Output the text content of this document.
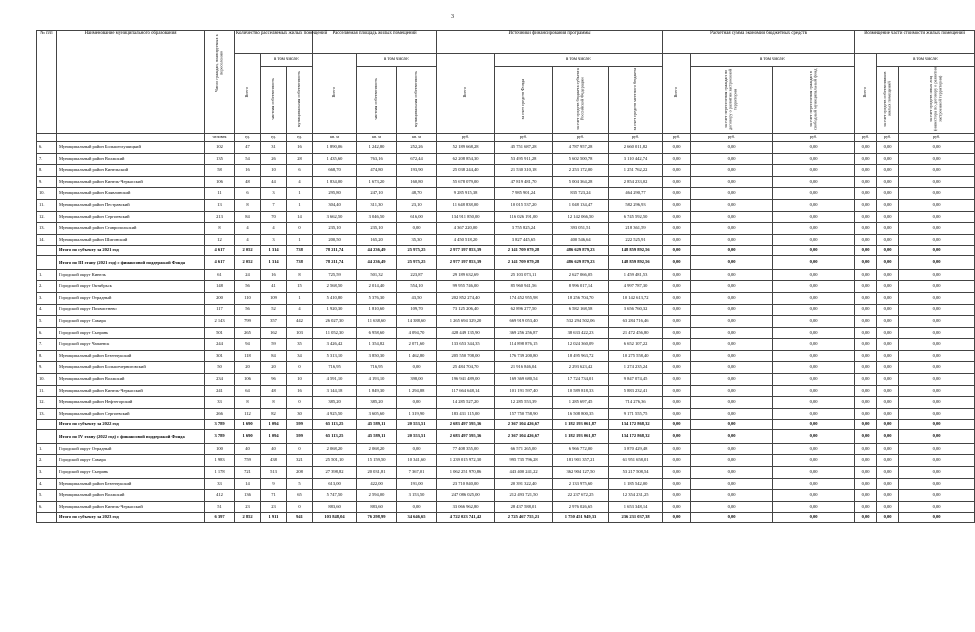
3
№ п/п	Наименование муниципального образования	Число граждан, планируемых к переселению	Количество расселяемых жилых помещений			Расселяемая площадь жилых помещений			Источники финансирования программы				Расчетная сумма экономии бюджетных средств			Возмещение части стоимости жилых помещений		
			Всего	в том числе:		Всего	в том числе:		Всего	в том числе:			Всего	в том числе:		Всего	в том числе:	
				частная собственность	муниципальная собственность		частная собственность	муниципальная собственность		за счет средств Фонда	за счет средств бюджета субъекта Российской Федерации	за счет средств местного бюджета		за счет переселения граждан по договору о развитии застроенной территории	за счет переселения граждан в свободный муниципальный фонд		за счет средств собственников жилых помещений	за счет средств иных лиц (инвестора по договору о развитии застроенной территории)
		человек	ед.	ед.	ед.	кв. м	кв. м	кв. м	руб.	руб.	руб.	руб.	руб.	руб.	руб.	руб.	руб.	руб.
6.	Муниципальный район Большеглушицкий	102	47	31	16	1 890,06	1 242,80	252,26	52 189 668,28	45 751 687,28	4 787 957,28	2 660 011,82	0,00	0,00	0,00	0,00	0,00	0,00
7.	Муниципальный район Волжский	135	54	26	28	1 435,60	763,16	672,44	62 208 854,30	53 495 911,28	5 602 500,78	3 110 442,74	0,00	0,00	0,00	0,00	0,00	0,00
8.	Муниципальный район Кинельский	58	16	10	6	668,70	474,80	193,90	25 038 244,40	21 530 310,18	2 253 172,00	1 251 762,22	0,00	0,00	0,00	0,00	0,00	0,00
9.	Муниципальный район Кинель-Черкасский	106	48	44	4	1 834,00	1 673,20	160,80	55 678 079,00	47 819 481,70	5 004 364,28	2 854 233,02	0,00	0,00	0,00	0,00	0,00	0,00
10.	Муниципальный район Клявлинский	11	6	3	1	295,80	247,10	48,70	9 285 915,38	7 985 901,24	835 723,24	464 290,77	0,00	0,00	0,00	0,00	0,00	0,00
11.	Муниципальный район Пестравский	13	8	7	1	304,40	311,30	23,10	11 648 838,00	10 015 537,20	1 048 134,47	582 296,93	0,00	0,00	0,00	0,00	0,00	0,00
12.	Муниципальный район Сергиевский	213	84	70	14	3 662,50	3 046,50	616,00	134 911 850,00	116 026 191,00	12 142 066,50	6 745 592,50	0,00	0,00	0,00	0,00	0,00	0,00
13.	Муниципальный район Ставропольский	8	4	4	0	235,10	235,10	0,00	4 367 220,00	3 755 825,24	393 051,51	218 361,59	0,00	0,00	0,00	0,00	0,00	0,00
14.	Муниципальный район Шигонский	12	4	3	1	200,50	165,20	35,30	4 450 518,20	3 827 445,65	400 546,64	222 525,91	0,00	0,00	0,00	0,00	0,00	0,00
	Итого по субъекту за 2021 год	4 617	2 052	1 314	738	78 211,74	44 236,49	25 975,25	2 977 197 853,39	2 141 709 079,28	486 629 879,23	148 859 892,56	0,00	0,00	0,00	0,00	0,00	0,00
	Итого по III этапу (2021 год) с финансовой поддержкой Фонда	4 617	2 052	1 314	738	78 211,74	44 236,49	25 975,25	2 977 197 853,39	2 141 709 079,28	486 629 879,23	148 859 892,56	0,00	0,00	0,00	0,00	0,00	0,00
1.	Городской округ Кинель	61	24	16	8	725,59	501,32	223,87	29 189 632,69	25 103 073,11	2 627 066,05	1 459 481,53	0,00	0,00	0,00	0,00	0,00	0,00
2.	Городской округ Октябрьск	148	56	41	15	2 568,50	2 014,40	554,10	99 955 746,00	85 960 941,56	8 996 017,14	4 997 787,30	0,00	0,00	0,00	0,00	0,00	0,00
3.	Городской округ Отрадный	200	110	109	1	5 410,80	5 376,30	43,50	202 852 274,40	174 452 955,98	18 256 704,70	10 142 613,72	0,00	0,00	0,00	0,00	0,00	0,00
4.	Городской округ Похвистнево	117	56	52	4	1 920,30	1 810,60	109,70	73 125 206,40	62 896 277,50	6 582 168,58	3 656 760,32	0,00	0,00	0,00	0,00	0,00	0,00
5.	Городской округ Самара	2 143	799	357	442	26 027,30	11 638,60	14 388,60	1 265 694 329,20	669 919 053,40	532 294 502,06	63 284 716,46	0,00	0,00	0,00	0,00	0,00	0,00
6.	Городской округ Сызрань	501	265	162	103	11 052,30	6 958,60	4 094,70	428 449 135,90	369 256 256,87	38 633 422,23	21 472 456,80	0,00	0,00	0,00	0,00	0,00	0,00
7.	Городской округ Чапаевск	244	94	59	35	3 426,42	1 354,82	2 071,60	133 653 344,35	114 898 876,15	12 024 360,09	6 652 107,22	0,00	0,00	0,00	0,00	0,00	0,00
8.	Муниципальный район Безенчукский	301	118	84	34	5 313,10	3 850,30	1 462,80	205 550 708,00	176 739 200,80	18 495 963,72	10 275 558,40	0,00	0,00	0,00	0,00	0,00	0,00
9.	Муниципальный район Большечерниговский	50	20	20	0	716,95	716,95	0,00	25 484 704,70	21 916 846,04	2 293 623,42	1 274 235,24	0,00	0,00	0,00	0,00	0,00	0,00
10.	Муниципальный район Волжский	234	106	96	10	4 591,10	4 193,10	398,00	196 941 489,00	169 369 680,54	17 724 734,01	9 847 074,45	0,00	0,00	0,00	0,00	0,00	0,00
11.	Муниципальный район Кинель-Черкасский	241	64	48	16	3 144,18	1 849,30	1 294,88	117 664 648,14	101 191 597,40	10 589 818,33	5 883 232,41	0,00	0,00	0,00	0,00	0,00	0,00
12.	Муниципальный район Нефтегорский	33	8	8	0	385,20	385,20	0,00	14 285 527,20	12 285 553,39	1 285 697,45	714 276,36	0,00	0,00	0,00	0,00	0,00	0,00
13.	Муниципальный район Сергиевский	266	112	82	30	4 925,50	3 605,60	1 319,90	183 431 115,00	157 750 758,90	16 508 800,35	9 171 555,75	0,00	0,00	0,00	0,00	0,00	0,00
	Итого по субъекту за 2022 год	3 789	1 690	1 094	599	65 113,25	45 589,11	20 553,51	2 683 497 595,36	2 367 104 426,67	1 182 193 061,87	134 172 868,32	0,00	0,00	0,00	0,00	0,00	0,00
	Итого по IV этапу (2022 год) с финансовой поддержкой Фонда	3 789	1 690	1 094	599	65 113,25	45 589,11	20 553,51	2 683 497 595,36	2 367 104 426,67	1 182 193 061,87	134 172 868,32	0,00	0,00	0,00	0,00	0,00	0,00
1.	Городской округ Отрадный	100	40	40	0	2 068,20	2 068,20	0,00	77 408 355,00	66 571 265,00	6 966 772,00	3 870 429,48	0,00	0,00	0,00	0,00	0,00	0,00
2.	Городской округ Самара	1 983	759	438	321	25 501,10	15 159,50	10 341,60	1 239 015 972,30	995 735 796,28	181 901 357,21	61 951 658,01	0,00	0,00	0,00	0,00	0,00	0,00
3.	Городской округ Сызрань	1 178	721	513	208	27 398,82	20 031,81	7 367,01	1 062 251 970,86	443 400 241,22	362 904 127,50	53 217 508,54	0,00	0,00	0,00	0,00	0,00	0,00
4.	Муниципальный район Безенчукский	33	14	9	5	613,00	422,00	191,00	23 710 840,00	20 391 322,40	2 133 975,60	1 185 542,00	0,00	0,00	0,00	0,00	0,00	0,00
5.	Муниципальный район Волжский	412	136	71	65	5 747,50	2 594,00	3 153,50	247 086 025,00	212 493 721,50	22 237 672,25	12 354 231,25	0,00	0,00	0,00	0,00	0,00	0,00
6.	Муниципальный район Кинель-Черкасский	51	23	23	0	883,60	883,60	0,00	33 066 962,80	28 437 588,01	2 976 026,65	1 653 348,14	0,00	0,00	0,00	0,00	0,00	0,00
	Итого по субъекту за 2023 год	6 397	2 852	1 911	941	103 848,04	76 298,99	34 646,65	4 722 023 741,42	2 725 467 755,21	1 750 451 949,33	236 231 037,38	0,00	0,00	0,00	0,00	0,00	0,00
